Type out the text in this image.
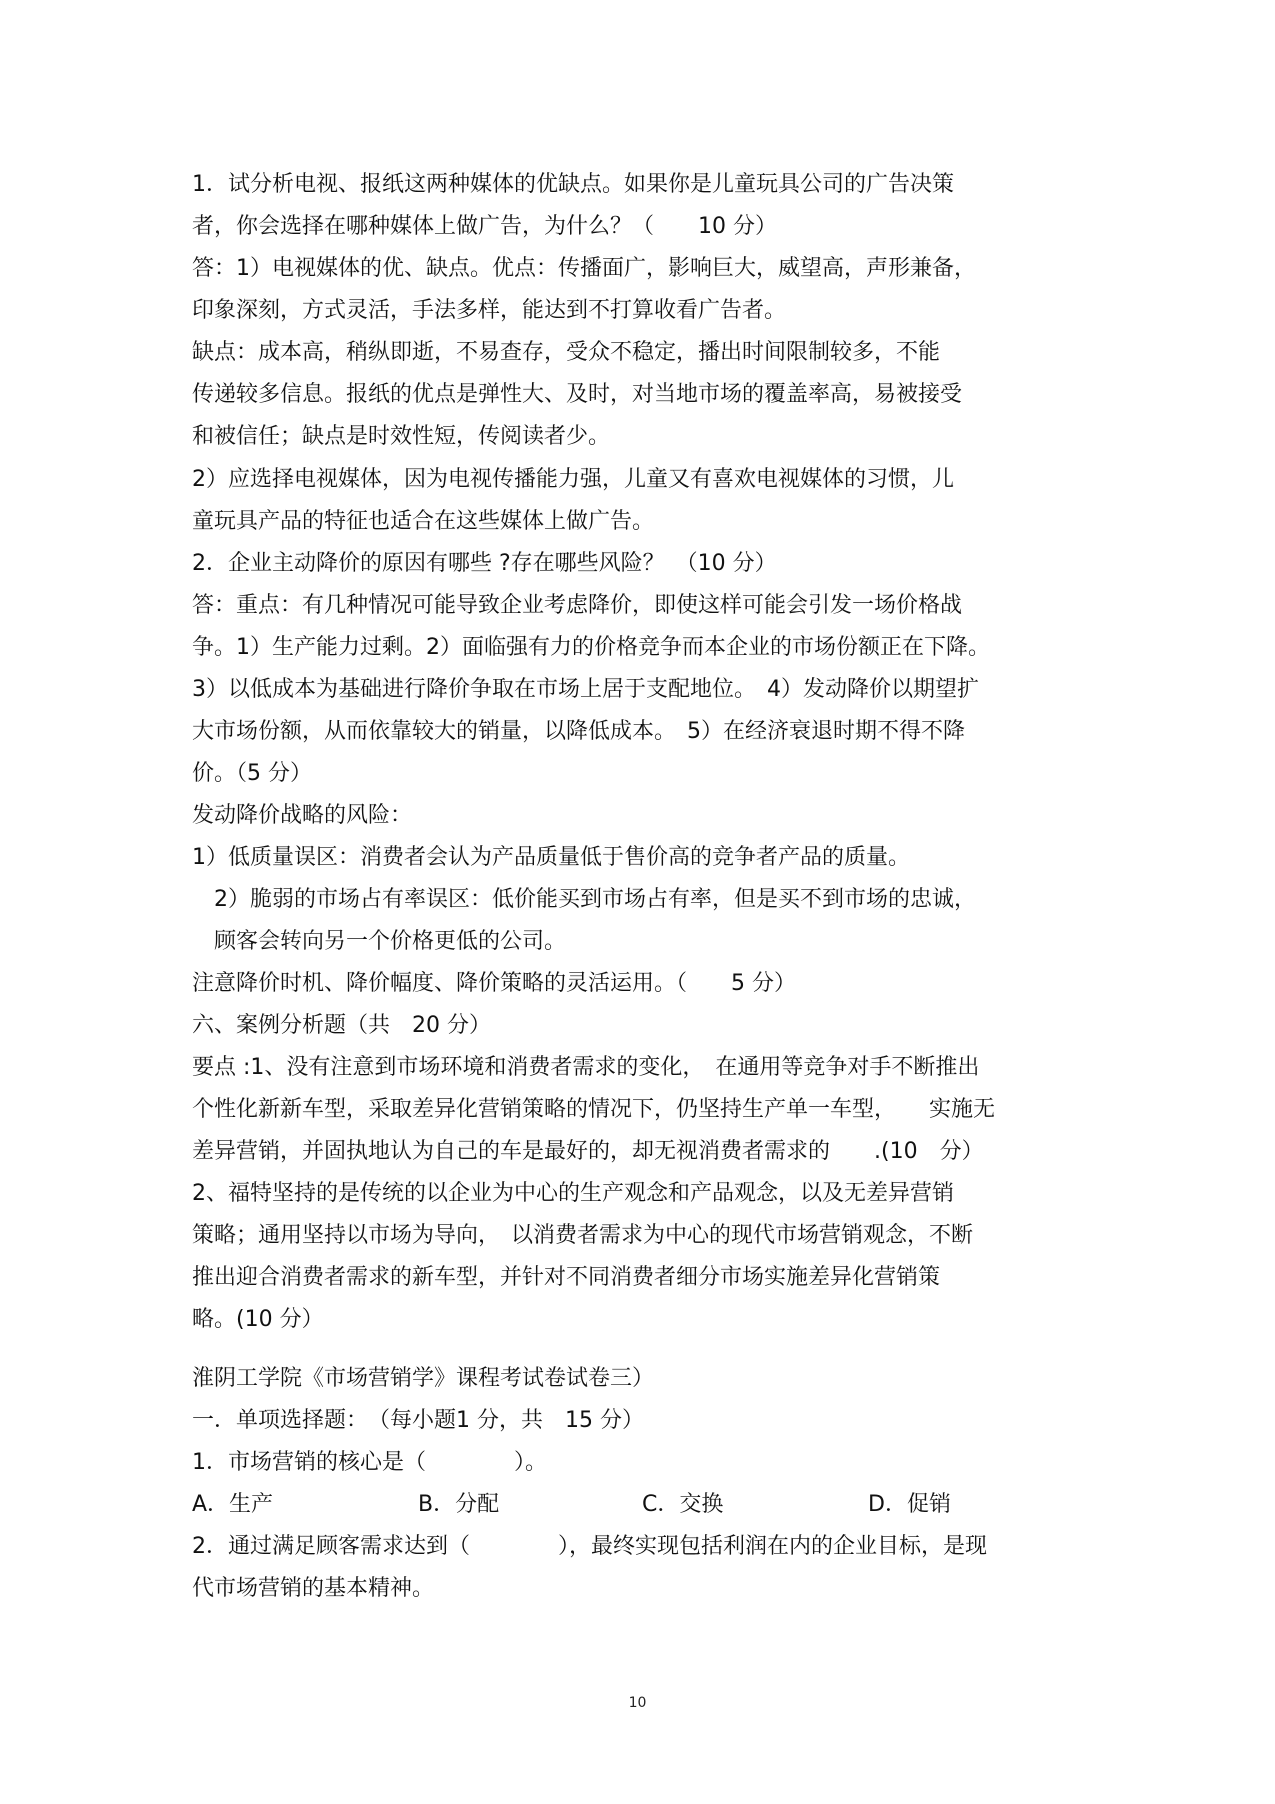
1．试分析电视、报纸这两种媒体的优缺点。如果你是儿童玩具公司的广告决策
者，你会选择在哪种媒体上做广告，为什么？（　　10 分）
答：1）电视媒体的优、缺点。优点：传播面广，影响巨大，威望高，声形兼备，
印象深刻，方式灵活，手法多样，能达到不打算收看广告者。
缺点：成本高，稍纵即逝，不易查存，受众不稳定，播出时间限制较多，不能
传递较多信息。报纸的优点是弹性大、及时，对当地市场的覆盖率高，易被接受
和被信任；缺点是时效性短，传阅读者少。
2）应选择电视媒体，因为电视传播能力强，儿童又有喜欢电视媒体的习惯，儿
童玩具产品的特征也适合在这些媒体上做广告。
2．企业主动降价的原因有哪些 ?存在哪些风险？　（10 分）
答：重点：有几种情况可能导致企业考虑降价，即使这样可能会引发一场价格战
争。1）生产能力过剩。2）面临强有力的价格竞争而本企业的市场份额正在下降。
3）以低成本为基础进行降价争取在市场上居于支配地位。　4）发动降价以期望扩
大市场份额，从而依靠较大的销量，以降低成本。　5）在经济衰退时期不得不降
价。（5 分）
发动降价战略的风险：
1）低质量误区：消费者会认为产品质量低于售价高的竞争者产品的质量。
2）脆弱的市场占有率误区：低价能买到市场占有率，但是买不到市场的忠诚，
顾客会转向另一个价格更低的公司。
注意降价时机、降价幅度、降价策略的灵活运用。（　　5 分）
六、案例分析题（共　20 分）
要点 :1、没有注意到市场环境和消费者需求的变化，　在通用等竞争对手不断推出
个性化新新车型，采取差异化营销策略的情况下，仍坚持生产单一车型，　　实施无
差异营销，并固执地认为自己的车是最好的，却无视消费者需求的　　.(10　分）
2、福特坚持的是传统的以企业为中心的生产观念和产品观念，以及无差异营销
策略；通用坚持以市场为导向，　以消费者需求为中心的现代市场营销观念，不断
推出迎合消费者需求的新车型，并针对不同消费者细分市场实施差异化营销策
略。(10 分）
淮阴工学院《市场营销学》课程考试卷试卷三）
一．单项选择题：　（每小题1 分，共　15 分）
1．市场营销的核心是（　　　　）。
A．生产	B．分配	C．交换	D．促销
2．通过满足顾客需求达到（　　　　），最终实现包括利润在内的企业目标，是现
代市场营销的基本精神。
10
